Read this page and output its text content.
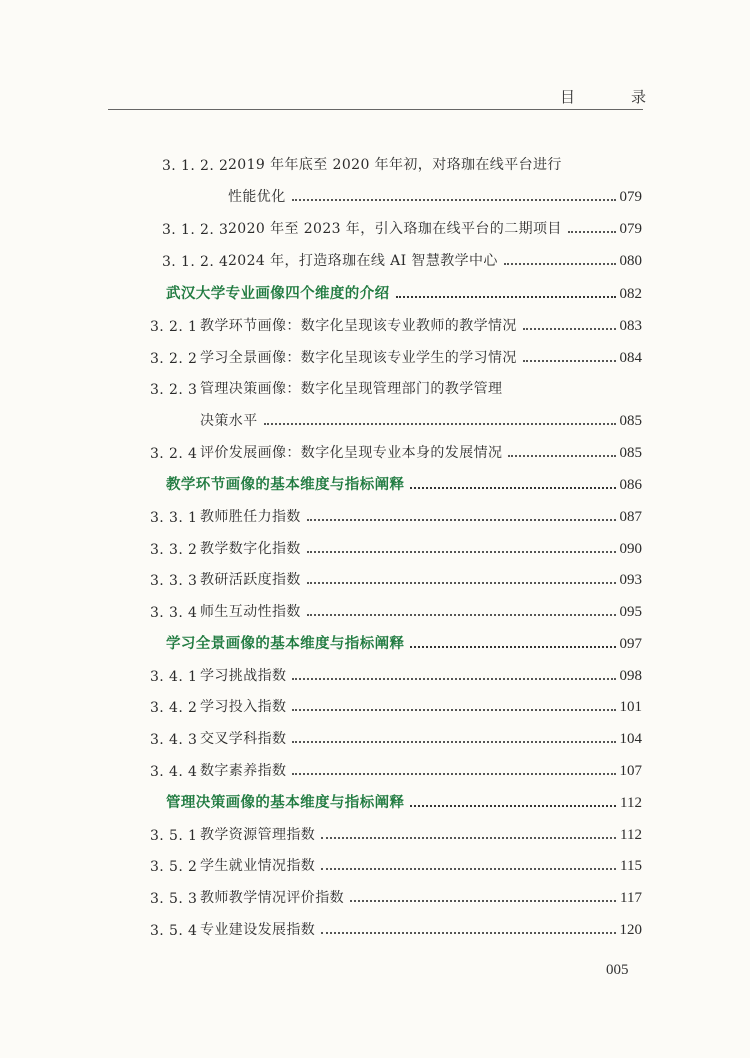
目	录
3. 1. 2. 2 2019 年年底至 2020 年年初，对珞珈在线平台进行
性能优化	079
3. 1. 2. 3 2020 年至 2023 年，引入珞珈在线平台的二期项目	079
3. 1. 2. 4 2024 年，打造珞珈在线 AI 智慧教学中心	080
武汉大学专业画像四个维度的介绍	082
3. 2. 1 教学环节画像：数字化呈现该专业教师的教学情况	083
3. 2. 2 学习全景画像：数字化呈现该专业学生的学习情况	084
3. 2. 3 管理决策画像：数字化呈现管理部门的教学管理
决策水平	085
3. 2. 4 评价发展画像：数字化呈现专业本身的发展情况	085
教学环节画像的基本维度与指标阐释	086
3. 3. 1 教师胜任力指数	087
3. 3. 2 教学数字化指数	090
3. 3. 3 教研活跃度指数	093
3. 3. 4 师生互动性指数	095
学习全景画像的基本维度与指标阐释	097
3. 4. 1 学习挑战指数	098
3. 4. 2 学习投入指数	101
3. 4. 3 交叉学科指数	104
3. 4. 4 数字素养指数	107
管理决策画像的基本维度与指标阐释	112
3. 5. 1 教学资源管理指数	112
3. 5. 2 学生就业情况指数	115
3. 5. 3 教师教学情况评价指数	117
3. 5. 4 专业建设发展指数	120
005
